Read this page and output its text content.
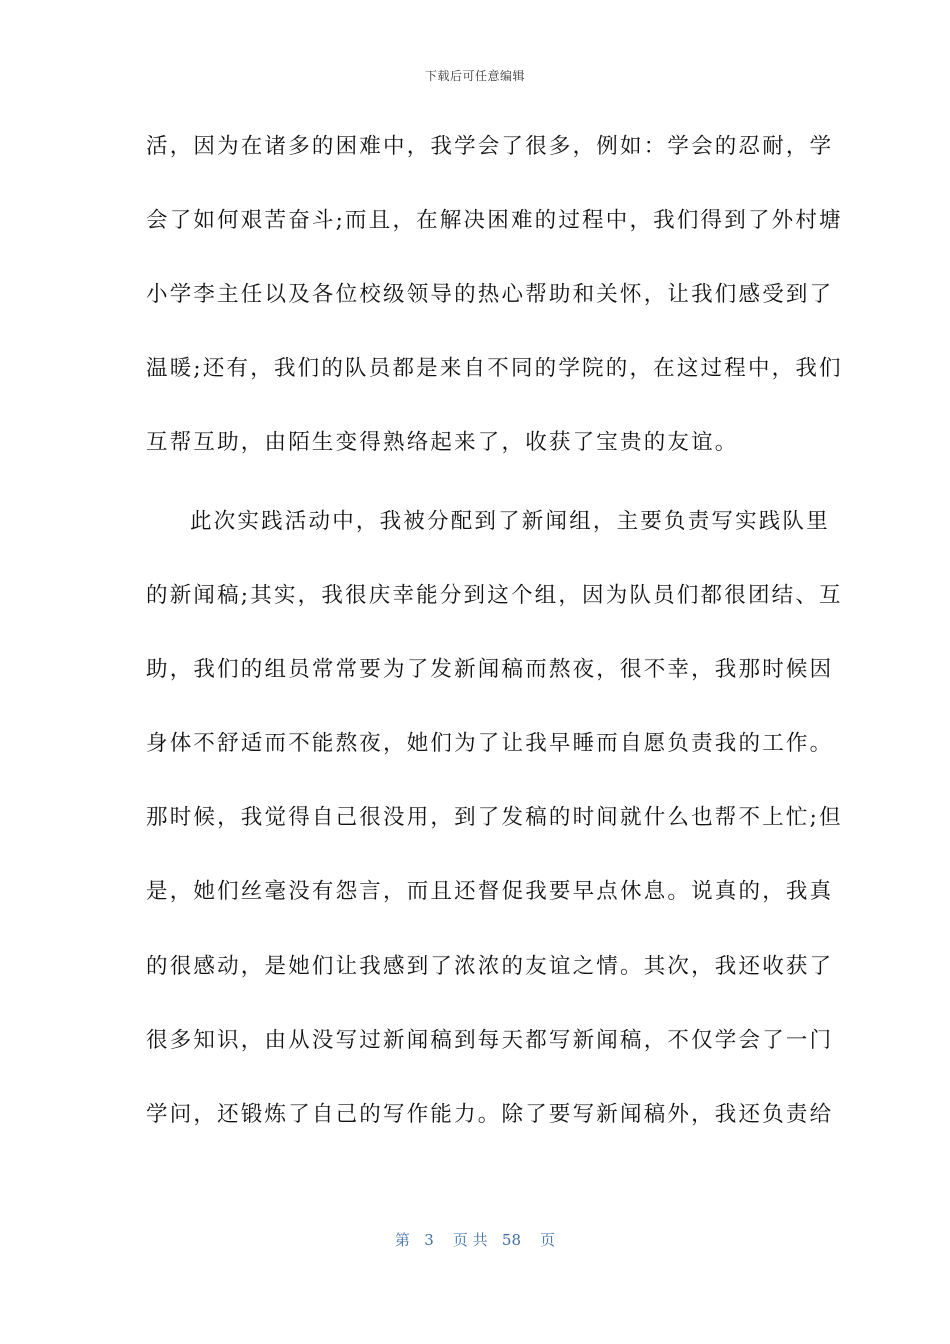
下载后可任意编辑
活，因为在诸多的困难中，我学会了很多，例如：学会的忍耐，学
会了如何艰苦奋斗;而且，在解决困难的过程中，我们得到了外村塘
小学李主任以及各位校级领导的热心帮助和关怀，让我们感受到了
温暖;还有，我们的队员都是来自不同的学院的，在这过程中，我们
互帮互助，由陌生变得熟络起来了，收获了宝贵的友谊。
此次实践活动中，我被分配到了新闻组，主要负责写实践队里
的新闻稿;其实，我很庆幸能分到这个组，因为队员们都很团结、互
助，我们的组员常常要为了发新闻稿而熬夜，很不幸，我那时候因
身体不舒适而不能熬夜，她们为了让我早睡而自愿负责我的工作。
那时候，我觉得自己很没用，到了发稿的时间就什么也帮不上忙;但
是，她们丝毫没有怨言，而且还督促我要早点休息。说真的，我真
的很感动，是她们让我感到了浓浓的友谊之情。其次，我还收获了
很多知识，由从没写过新闻稿到每天都写新闻稿，不仅学会了一门
学问，还锻炼了自己的写作能力。除了要写新闻稿外，我还负责给
第 3 页 共 58 页
